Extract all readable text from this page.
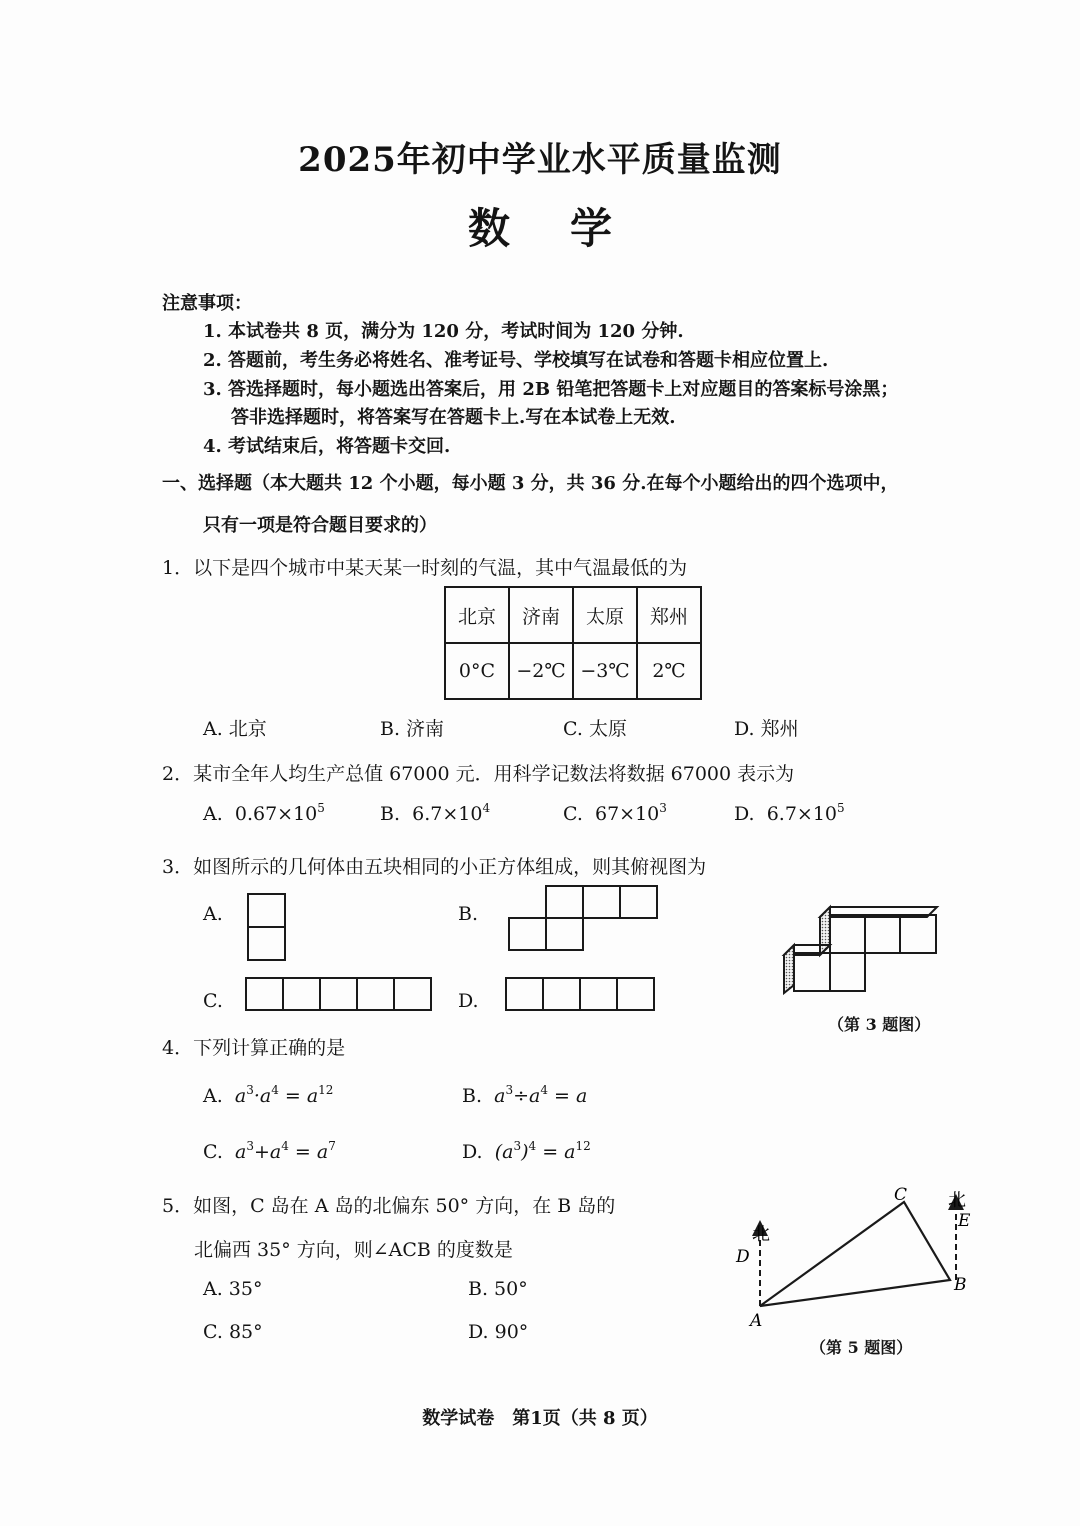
2025年初中学业水平质量监测
数学
注意事项：
1. 本试卷共 8 页，满分为 120 分，考试时间为 120 分钟.
2. 答题前，考生务必将姓名、准考证号、学校填写在试卷和答题卡相应位置上.
3. 答选择题时，每小题选出答案后，用 2B 铅笔把答题卡上对应题目的答案标号涂黑；
答非选择题时，将答案写在答题卡上.写在本试卷上无效.
4. 考试结束后，将答题卡交回.
一、选择题（本大题共 12 个小题，每小题 3 分，共 36 分.在每个小题给出的四个选项中，
只有一项是符合题目要求的）
1．以下是四个城市中某天某一时刻的气温，其中气温最低的为
北京	济南	太原	郑州
0°C	−2℃	−3℃	2℃
A. 北京	B. 济南	C. 太原	D. 郑州
2．某市全年人均生产总值 67000 元．用科学记数法将数据 67000 表示为
A. $0.67\times 10^5$	B. $6.7\times 10^4$	C. $67\times 10^3$	D. $6.7\times 10^5$
3．如图所示的几何体由五块相同的小正方体组成，则其俯视图为
A.	B.
C.	D.
（第 3 题图）
4．下列计算正确的是
A. $a^3\cdot a^4 = a^{12}$	B. $a^3\div a^4 = a$
C. $a^3+a^4 = a^7$	D. $(a^3)^4 = a^{12}$
5．如图，C 岛在 A 岛的北偏东 50° 方向，在 B 岛的
北偏西 35° 方向，则∠ACB 的度数是
A. 35°	B. 50°
C. 85°	D. 90°
北
北
A
B
C
D
E
（第 5 题图）
数学试卷　第1页（共 8 页）
